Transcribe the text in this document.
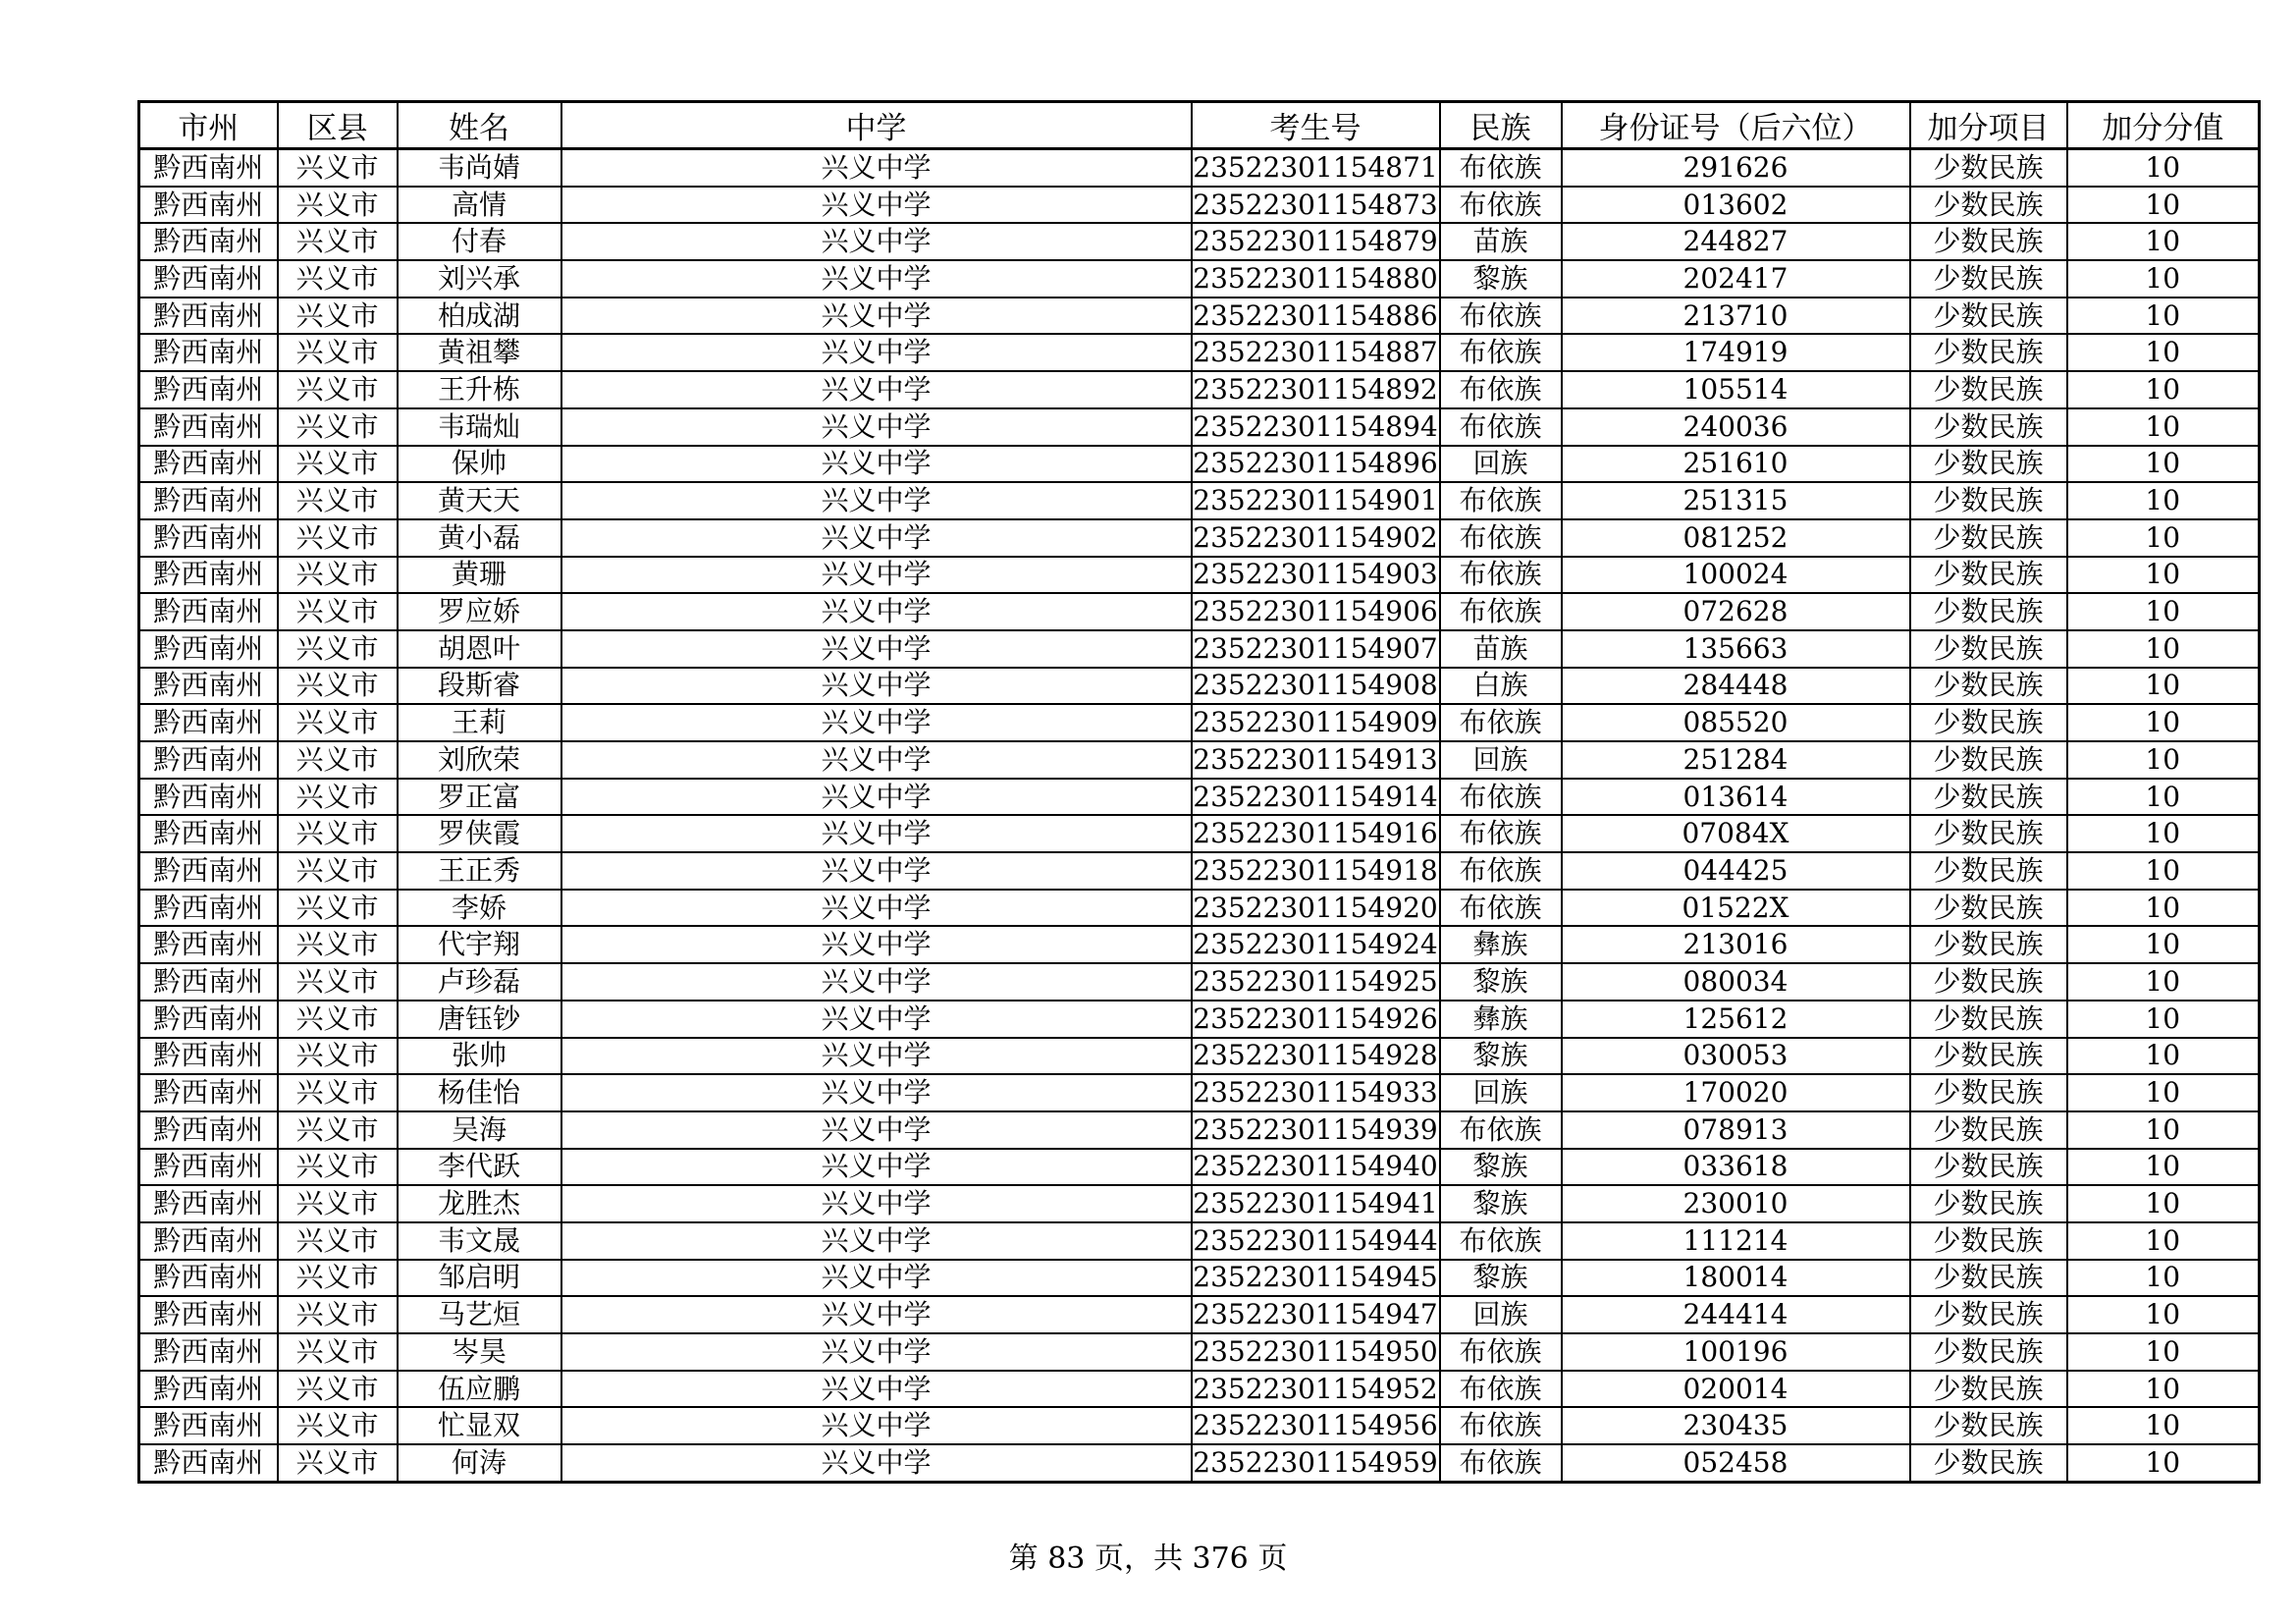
市州	区县	姓名	中学	考生号	民族	身份证号（后六位）	加分项目	加分分值
黔西南州	兴义市	韦尚婧	兴义中学	23522301154871	布依族	291626	少数民族	10
黔西南州	兴义市	高情	兴义中学	23522301154873	布依族	013602	少数民族	10
黔西南州	兴义市	付春	兴义中学	23522301154879	苗族	244827	少数民族	10
黔西南州	兴义市	刘兴承	兴义中学	23522301154880	黎族	202417	少数民族	10
黔西南州	兴义市	柏成湖	兴义中学	23522301154886	布依族	213710	少数民族	10
黔西南州	兴义市	黄祖攀	兴义中学	23522301154887	布依族	174919	少数民族	10
黔西南州	兴义市	王升栋	兴义中学	23522301154892	布依族	105514	少数民族	10
黔西南州	兴义市	韦瑞灿	兴义中学	23522301154894	布依族	240036	少数民族	10
黔西南州	兴义市	保帅	兴义中学	23522301154896	回族	251610	少数民族	10
黔西南州	兴义市	黄天天	兴义中学	23522301154901	布依族	251315	少数民族	10
黔西南州	兴义市	黄小磊	兴义中学	23522301154902	布依族	081252	少数民族	10
黔西南州	兴义市	黄珊	兴义中学	23522301154903	布依族	100024	少数民族	10
黔西南州	兴义市	罗应娇	兴义中学	23522301154906	布依族	072628	少数民族	10
黔西南州	兴义市	胡恩叶	兴义中学	23522301154907	苗族	135663	少数民族	10
黔西南州	兴义市	段斯睿	兴义中学	23522301154908	白族	284448	少数民族	10
黔西南州	兴义市	王莉	兴义中学	23522301154909	布依族	085520	少数民族	10
黔西南州	兴义市	刘欣荣	兴义中学	23522301154913	回族	251284	少数民族	10
黔西南州	兴义市	罗正富	兴义中学	23522301154914	布依族	013614	少数民族	10
黔西南州	兴义市	罗侠霞	兴义中学	23522301154916	布依族	07084X	少数民族	10
黔西南州	兴义市	王正秀	兴义中学	23522301154918	布依族	044425	少数民族	10
黔西南州	兴义市	李娇	兴义中学	23522301154920	布依族	01522X	少数民族	10
黔西南州	兴义市	代宇翔	兴义中学	23522301154924	彝族	213016	少数民族	10
黔西南州	兴义市	卢珍磊	兴义中学	23522301154925	黎族	080034	少数民族	10
黔西南州	兴义市	唐钰钞	兴义中学	23522301154926	彝族	125612	少数民族	10
黔西南州	兴义市	张帅	兴义中学	23522301154928	黎族	030053	少数民族	10
黔西南州	兴义市	杨佳怡	兴义中学	23522301154933	回族	170020	少数民族	10
黔西南州	兴义市	吴海	兴义中学	23522301154939	布依族	078913	少数民族	10
黔西南州	兴义市	李代跃	兴义中学	23522301154940	黎族	033618	少数民族	10
黔西南州	兴义市	龙胜杰	兴义中学	23522301154941	黎族	230010	少数民族	10
黔西南州	兴义市	韦文晟	兴义中学	23522301154944	布依族	111214	少数民族	10
黔西南州	兴义市	邹启明	兴义中学	23522301154945	黎族	180014	少数民族	10
黔西南州	兴义市	马艺烜	兴义中学	23522301154947	回族	244414	少数民族	10
黔西南州	兴义市	岑昊	兴义中学	23522301154950	布依族	100196	少数民族	10
黔西南州	兴义市	伍应鹏	兴义中学	23522301154952	布依族	020014	少数民族	10
黔西南州	兴义市	忙显双	兴义中学	23522301154956	布依族	230435	少数民族	10
黔西南州	兴义市	何涛	兴义中学	23522301154959	布依族	052458	少数民族	10
第 83 页，共 376 页
